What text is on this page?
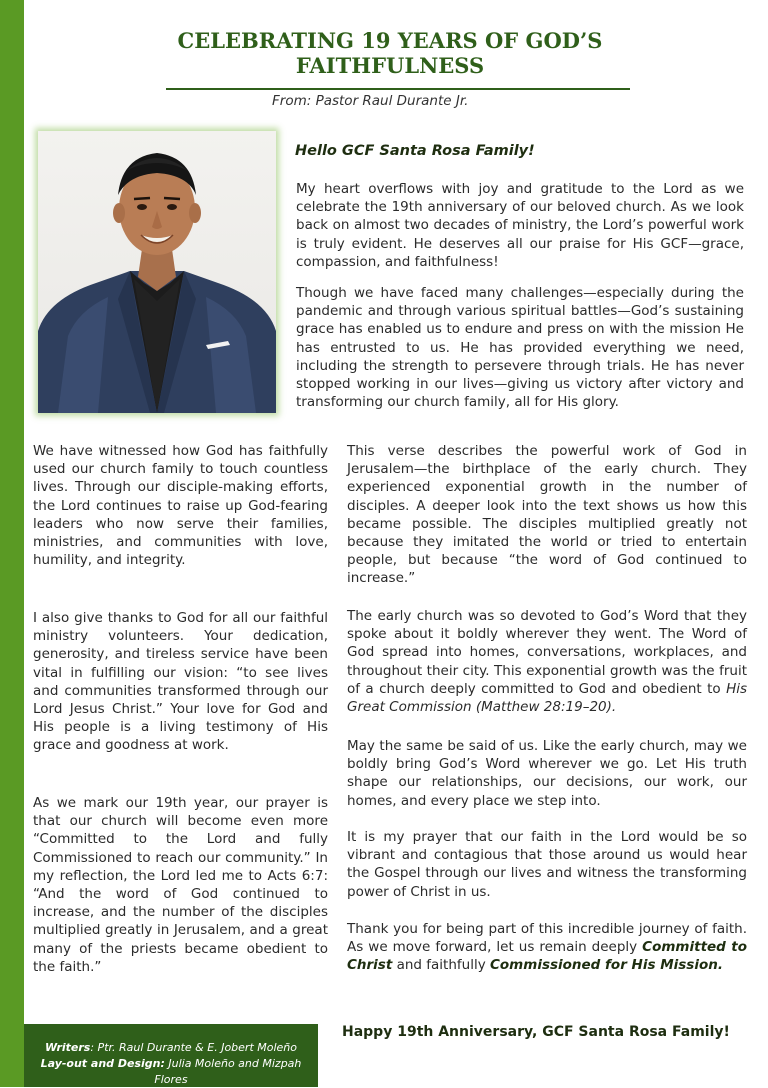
CELEBRATING 19 YEARS OF GOD’S
FAITHFULNESS
From: Pastor Raul Durante Jr.

Hello GCF Santa Rosa Family!

My heart overflows with joy and gratitude to the Lord as we celebrate the 19th anniversary of our beloved church. As we look back on almost two decades of ministry, the Lord’s powerful work is truly evident. He deserves all our praise for His GCF—grace, compassion, and faithfulness!

Though we have faced many challenges—especially during the pandemic and through various spiritual battles—God’s sustaining grace has enabled us to endure and press on with the mission He has entrusted to us. He has provided everything we need, including the strength to persevere through trials. He has never stopped working in our lives—giving us victory after victory and transforming our church family, all for His glory.

We have witnessed how God has faithfully used our church family to touch countless lives. Through our disciple-making efforts, the Lord continues to raise up God-fearing leaders who now serve their families, ministries, and communities with love, humility, and integrity.

I also give thanks to God for all our faithful ministry volunteers. Your dedication, generosity, and tireless service have been vital in fulfilling our vision: “to see lives and communities transformed through our Lord Jesus Christ.” Your love for God and His people is a living testimony of His grace and goodness at work.

As we mark our 19th year, our prayer is that our church will become even more “Committed to the Lord and fully Commissioned to reach our community.” In my reflection, the Lord led me to Acts 6:7: “And the word of God continued to increase, and the number of the disciples multiplied greatly in Jerusalem, and a great many of the priests became obedient to the faith.”

This verse describes the powerful work of God in Jerusalem—the birthplace of the early church. They experienced exponential growth in the number of disciples. A deeper look into the text shows us how this became possible. The disciples multiplied greatly not because they imitated the world or tried to entertain people, but because “the word of God continued to increase.”

The early church was so devoted to God’s Word that they spoke about it boldly wherever they went. The Word of God spread into homes, conversations, workplaces, and throughout their city. This exponential growth was the fruit of a church deeply committed to God and obedient to His Great Commission (Matthew 28:19–20).

May the same be said of us. Like the early church, may we boldly bring God’s Word wherever we go. Let His truth shape our relationships, our decisions, our work, our homes, and every place we step into.

It is my prayer that our faith in the Lord would be so vibrant and contagious that those around us would hear the Gospel through our lives and witness the transforming power of Christ in us.

Thank you for being part of this incredible journey of faith. As we move forward, let us remain deeply Committed to Christ and faithfully Commissioned for His Mission.

Writers: Ptr. Raul Durante & E. Jobert Moleño
Lay-out and Design: Julia Moleño and Mizpah Flores

Happy 19th Anniversary, GCF Santa Rosa Family!
